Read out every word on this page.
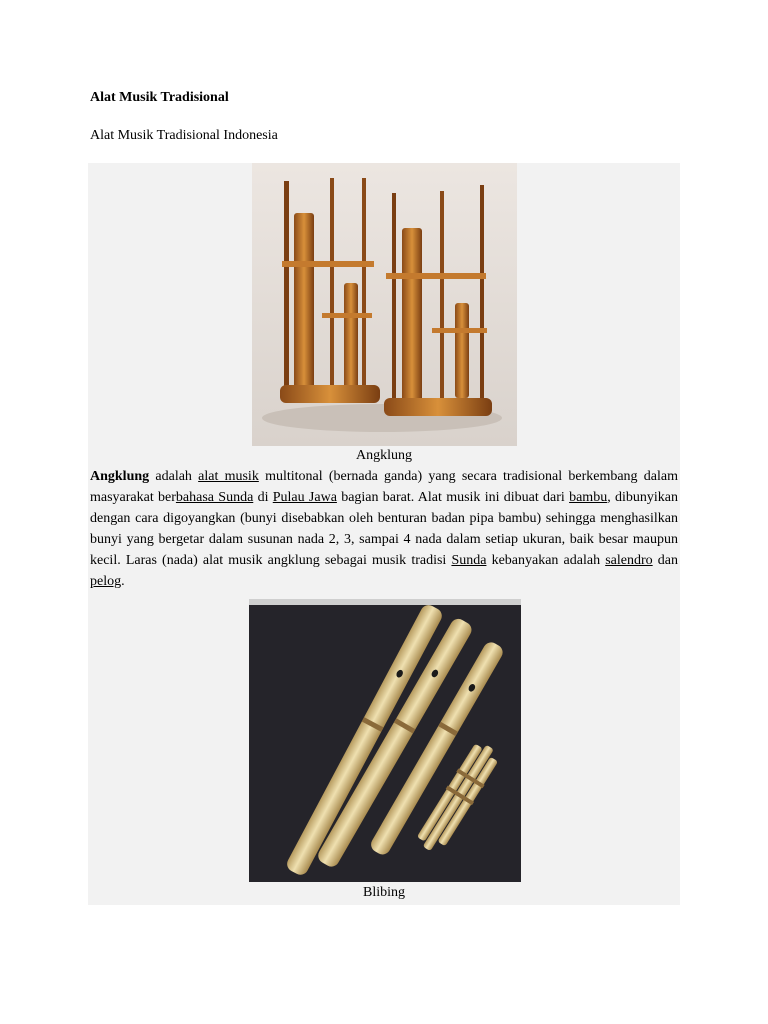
Alat Musik Tradisional
Alat Musik Tradisional Indonesia
Angklung
Angklung adalah alat musik multitonal (bernada ganda) yang secara tradisional berkembang dalam masyarakat berbahasa Sunda di Pulau Jawa bagian barat. Alat musik ini dibuat dari bambu, dibunyikan dengan cara digoyangkan (bunyi disebabkan oleh benturan badan pipa bambu) sehingga menghasilkan bunyi yang bergetar dalam susunan nada 2, 3, sampai 4 nada dalam setiap ukuran, baik besar maupun kecil. Laras (nada) alat musik angklung sebagai musik tradisi Sunda kebanyakan adalah salendro dan pelog.
Blibing
